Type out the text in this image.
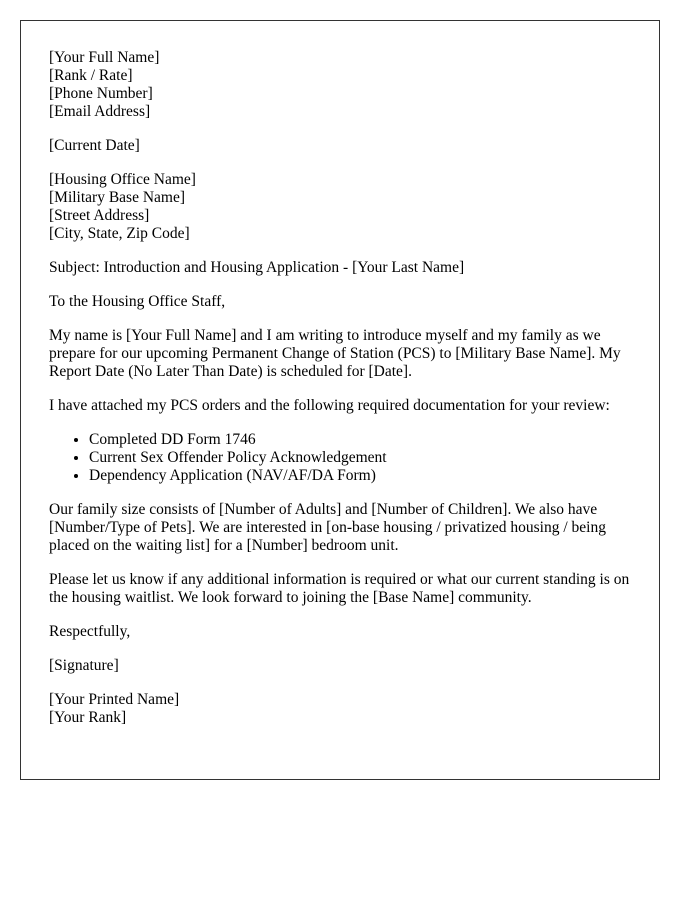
[Your Full Name]
[Rank / Rate]
[Phone Number]
[Email Address]
[Current Date]
[Housing Office Name]
[Military Base Name]
[Street Address]
[City, State, Zip Code]

Subject: Introduction and Housing Application - [Your Last Name]

To the Housing Office Staff,

My name is [Your Full Name] and I am writing to introduce myself and my family as we prepare for our upcoming Permanent Change of Station (PCS) to [Military Base Name]. My Report Date (No Later Than Date) is scheduled for [Date].

I have attached my PCS orders and the following required documentation for your review:

• Completed DD Form 1746
• Current Sex Offender Policy Acknowledgement
• Dependency Application (NAV/AF/DA Form)

Our family size consists of [Number of Adults] and [Number of Children]. We also have [Number/Type of Pets]. We are interested in [on-base housing / privatized housing / being placed on the waiting list] for a [Number] bedroom unit.

Please let us know if any additional information is required or what our current standing is on the housing waitlist. We look forward to joining the [Base Name] community.

Respectfully,

[Signature]

[Your Printed Name]
[Your Rank]
